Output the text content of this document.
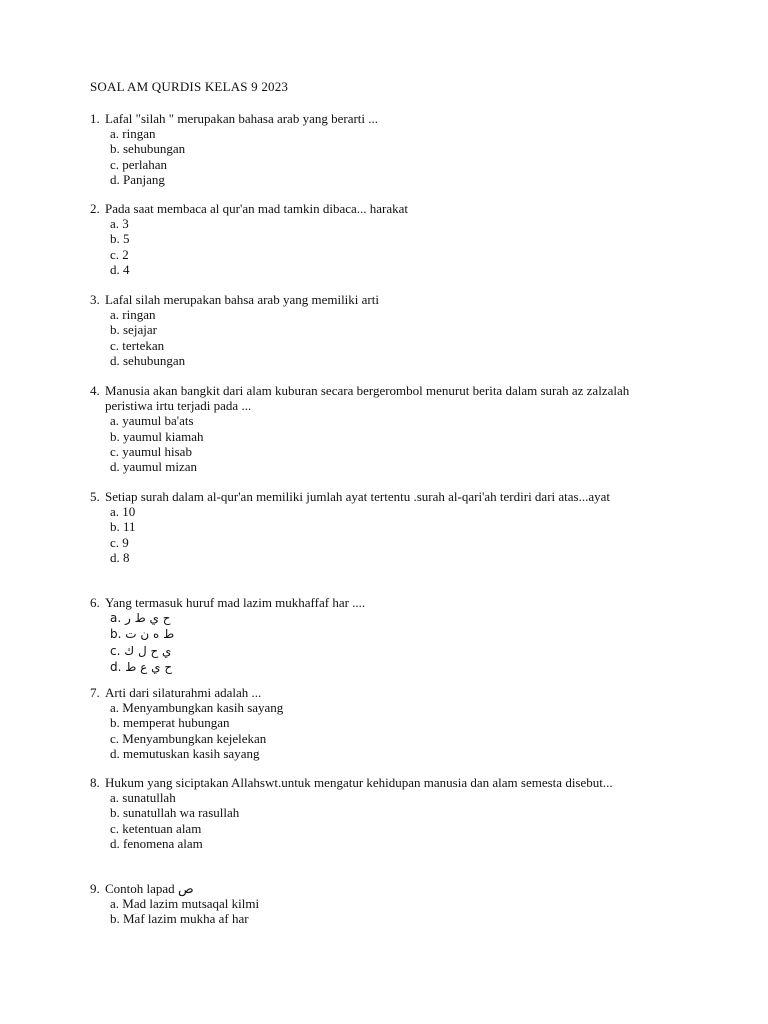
SOAL AM QURDIS KELAS 9 2023
1. Lafal "silah " merupakan bahasa arab yang berarti ...
a. ringan
b. sehubungan
c. perlahan
d. Panjang
2. Pada saat membaca al qur'an mad tamkin dibaca... harakat
a. 3
b. 5
c. 2
d. 4
3. Lafal silah merupakan bahsa arab yang memiliki arti
a. ringan
b. sejajar
c. tertekan
d. sehubungan
4. Manusia akan bangkit dari alam kuburan secara bergerombol menurut berita dalam surah az zalzalah peristiwa irtu terjadi pada ...
a. yaumul ba'ats
b. yaumul kiamah
c. yaumul hisab
d. yaumul mizan
5. Setiap surah dalam al-qur'an memiliki jumlah ayat tertentu .surah al-qari'ah terdiri dari atas...ayat
a. 10
b. 11
c. 9
d. 8
6. Yang termasuk huruf mad lazim mukhaffaf har ....
a. ح ي ط ر
b. ط ه ن ت
c. ي ح ل ك
d. ح ي ع ط
7. Arti dari silaturahmi adalah ...
a. Menyambungkan kasih sayang
b. memperat hubungan
c. Menyambungkan kejelekan
d. memutuskan kasih sayang
8. Hukum yang siciptakan Allahswt.untuk mengatur kehidupan manusia dan alam semesta disebut...
a. sunatullah
b. sunatullah wa rasullah
c. ketentuan alam
d. fenomena alam
9. Contoh lapad ص
a. Mad lazim mutsaqal kilmi
b. Maf lazim mukha af har
